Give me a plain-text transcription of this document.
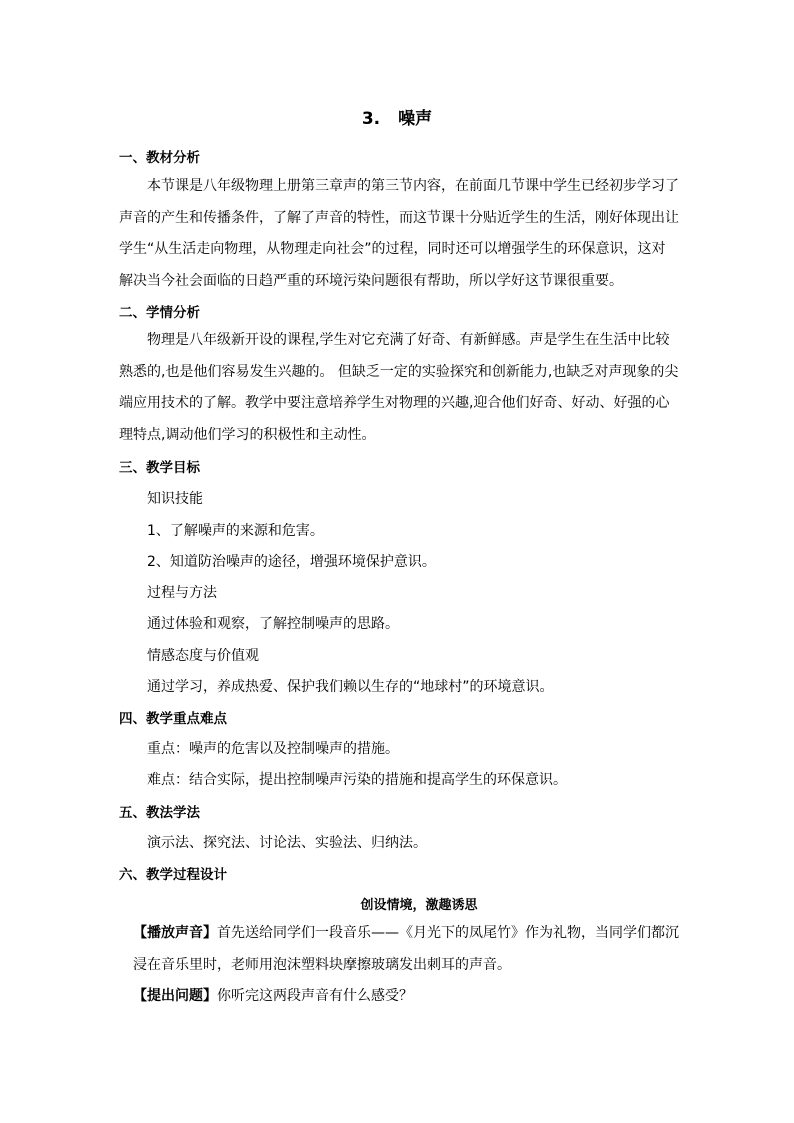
3. 噪声
一、教材分析
本节课是八年级物理上册第三章声的第三节内容，在前面几节课中学生已经初步学习了声音的产生和传播条件，了解了声音的特性，而这节课十分贴近学生的生活，刚好体现出让学生“从生活走向物理，从物理走向社会”的过程，同时还可以增强学生的环保意识，这对解决当今社会面临的日趋严重的环境污染问题很有帮助，所以学好这节课很重要。
二、学情分析
物理是八年级新开设的课程,学生对它充满了好奇、有新鲜感。声是学生在生活中比较熟悉的,也是他们容易发生兴趣的。 但缺乏一定的实验探究和创新能力,也缺乏对声现象的尖端应用技术的了解。教学中要注意培养学生对物理的兴趣,迎合他们好奇、好动、好强的心理特点,调动他们学习的积极性和主动性。
三、教学目标
知识技能
1、了解噪声的来源和危害。
2、知道防治噪声的途径，增强环境保护意识。
过程与方法
通过体验和观察，了解控制噪声的思路。
情感态度与价值观
通过学习，养成热爱、保护我们赖以生存的“地球村”的环境意识。
四、教学重点难点
重点：噪声的危害以及控制噪声的措施。
难点：结合实际，提出控制噪声污染的措施和提高学生的环保意识。
五、教法学法
演示法、探究法、讨论法、实验法、归纳法。
六、教学过程设计
创设情境，激趣诱思
【播放声音】首先送给同学们一段音乐——《月光下的凤尾竹》作为礼物，当同学们都沉浸在音乐里时，老师用泡沫塑料块摩擦玻璃发出刺耳的声音。
【提出问题】你听完这两段声音有什么感受？
